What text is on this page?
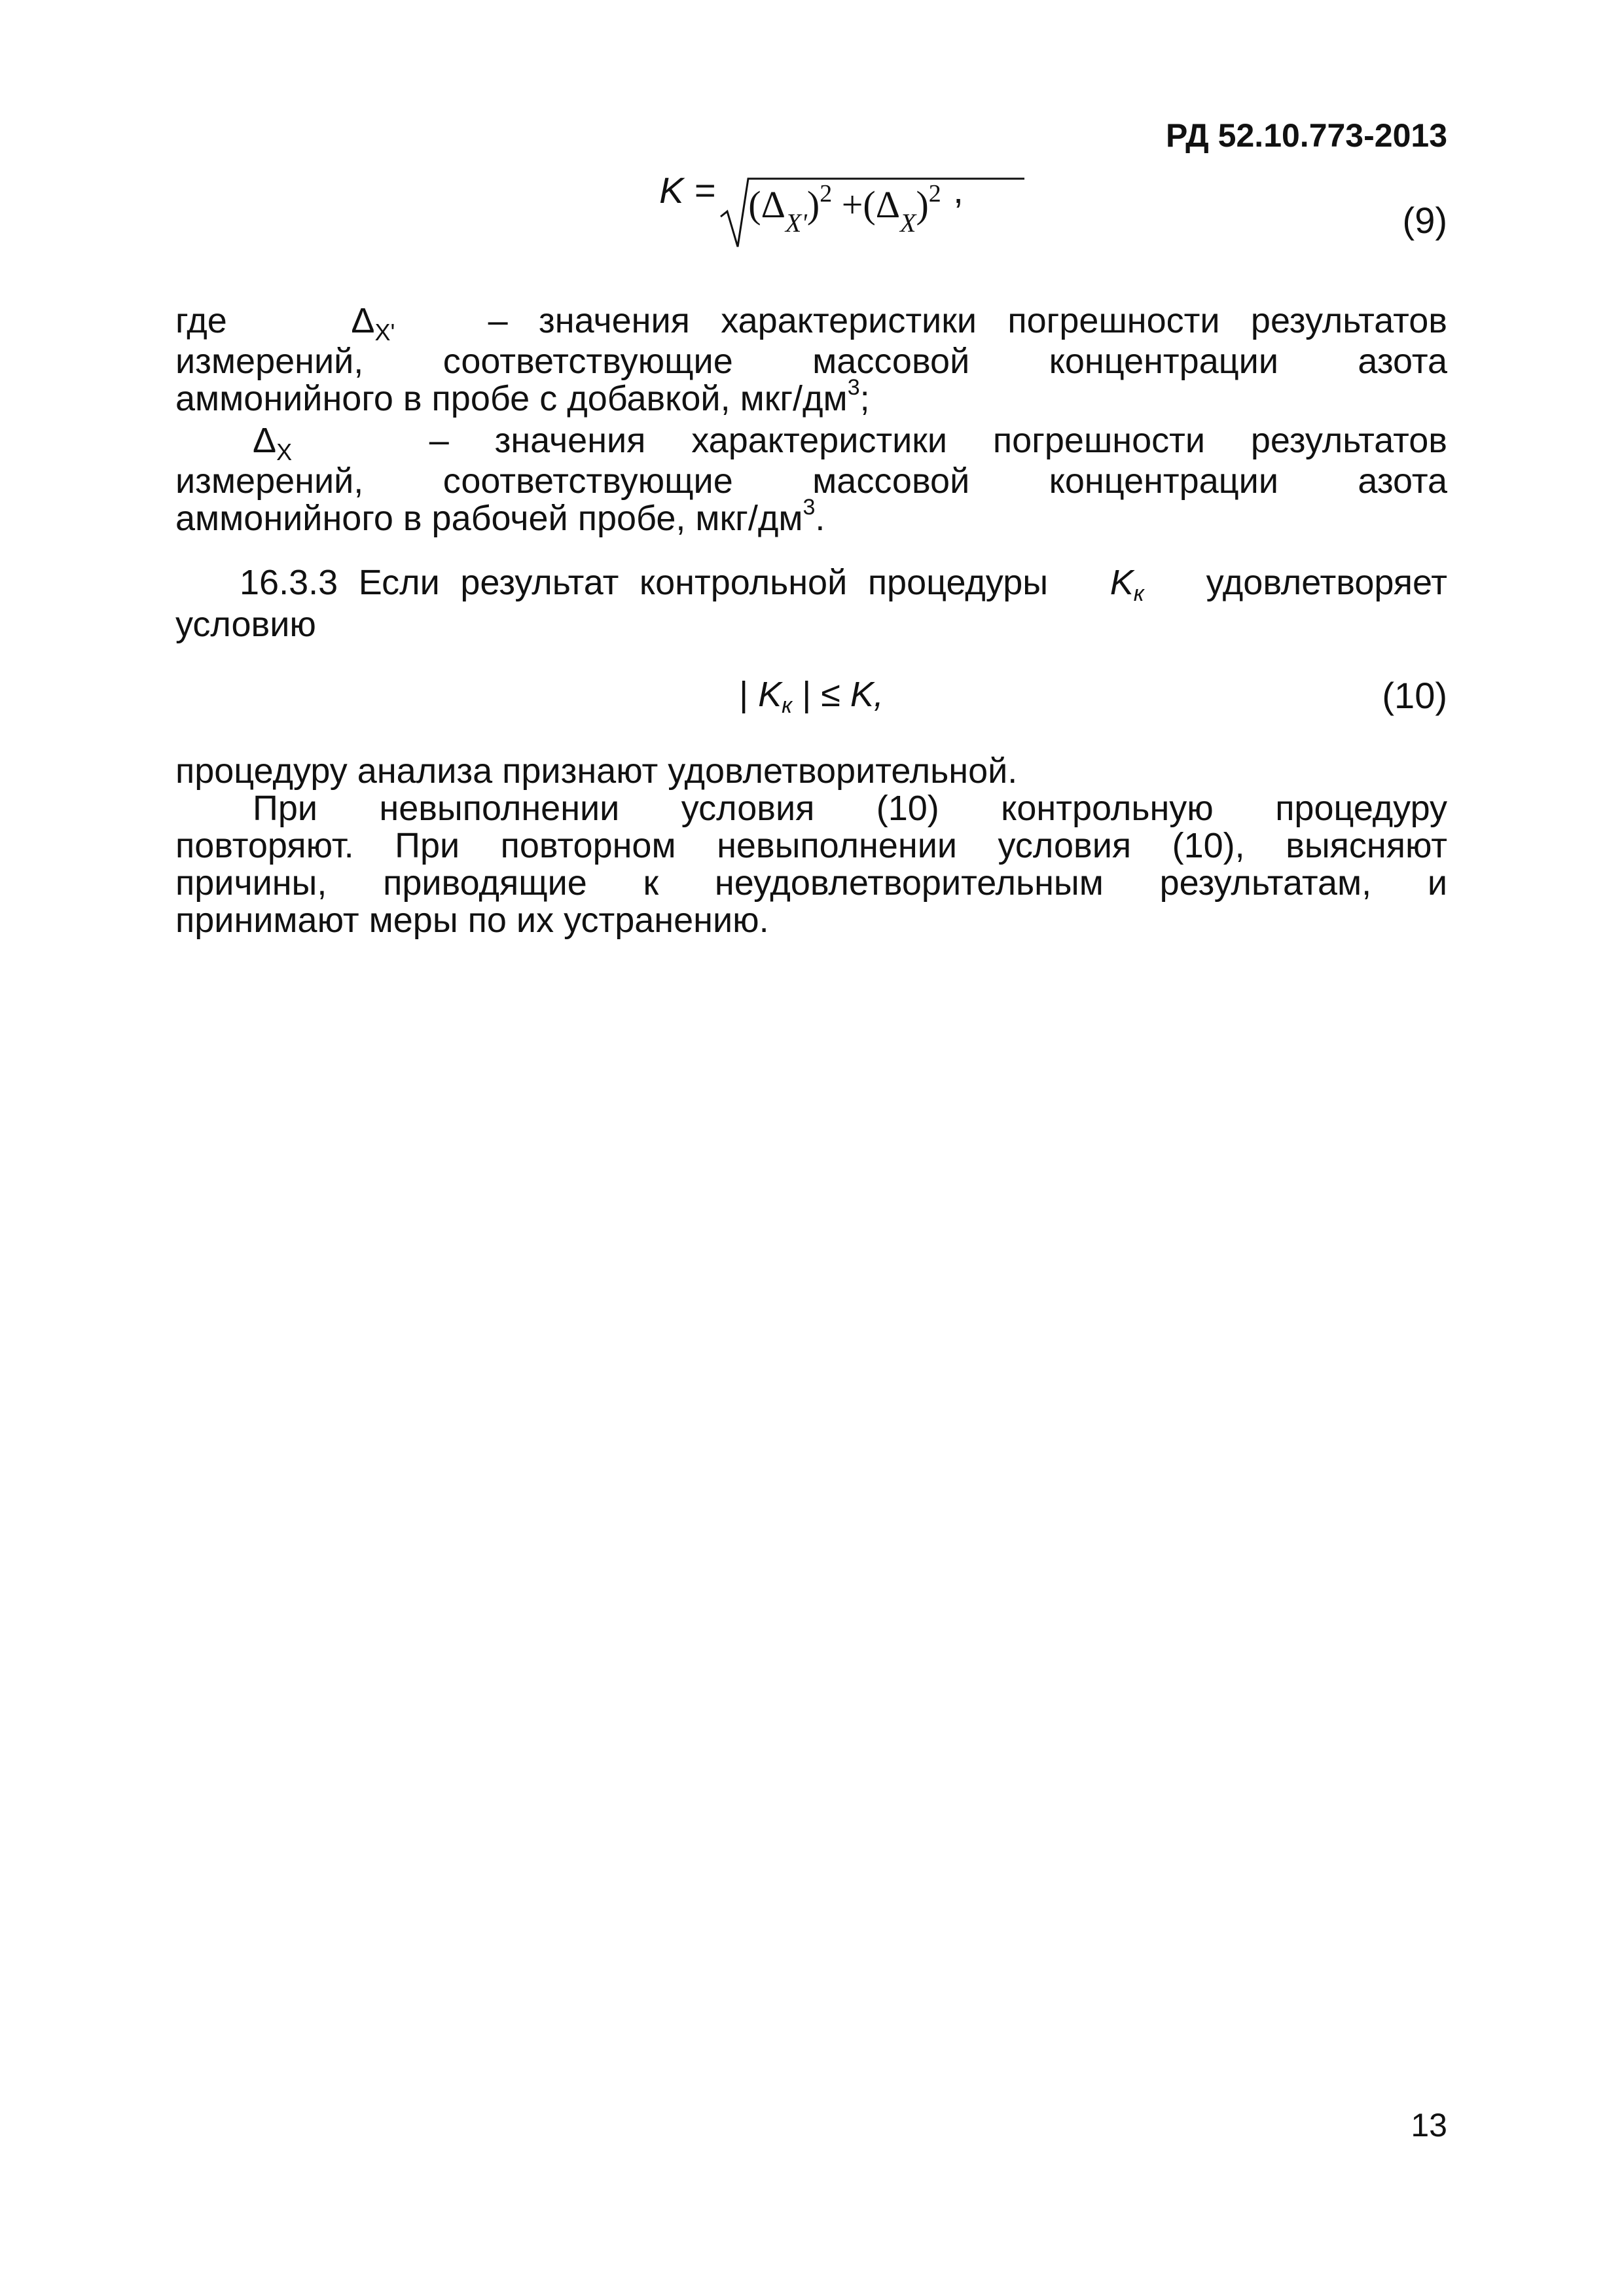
РД 52.10.773-2013
$K = (\Delta_{X'})^2 +(\Delta_X)^2$ ,
(9)
где	$\Delta_{X'}$	– значения характеристики погрешности результатов
измерений, соответствующие массовой концентрации азота
аммонийного в пробе с добавкой, мкг/$дм^3$;
$\Delta_X$	– значения характеристики погрешности результатов
измерений, соответствующие массовой концентрации азота
аммонийного в рабочей пробе, мкг/$дм^3$.
16.3.3 Если результат контрольной процедуры Kк удовлетворяет
условию
| Kк | ≤ K,	(10)
процедуру анализа признают удовлетворительной.
При невыполнении условия (10) контрольную процедуру
повторяют. При повторном невыполнении условия (10), выясняют
причины, приводящие к неудовлетворительным результатам, и
принимают меры по их устранению.
13
